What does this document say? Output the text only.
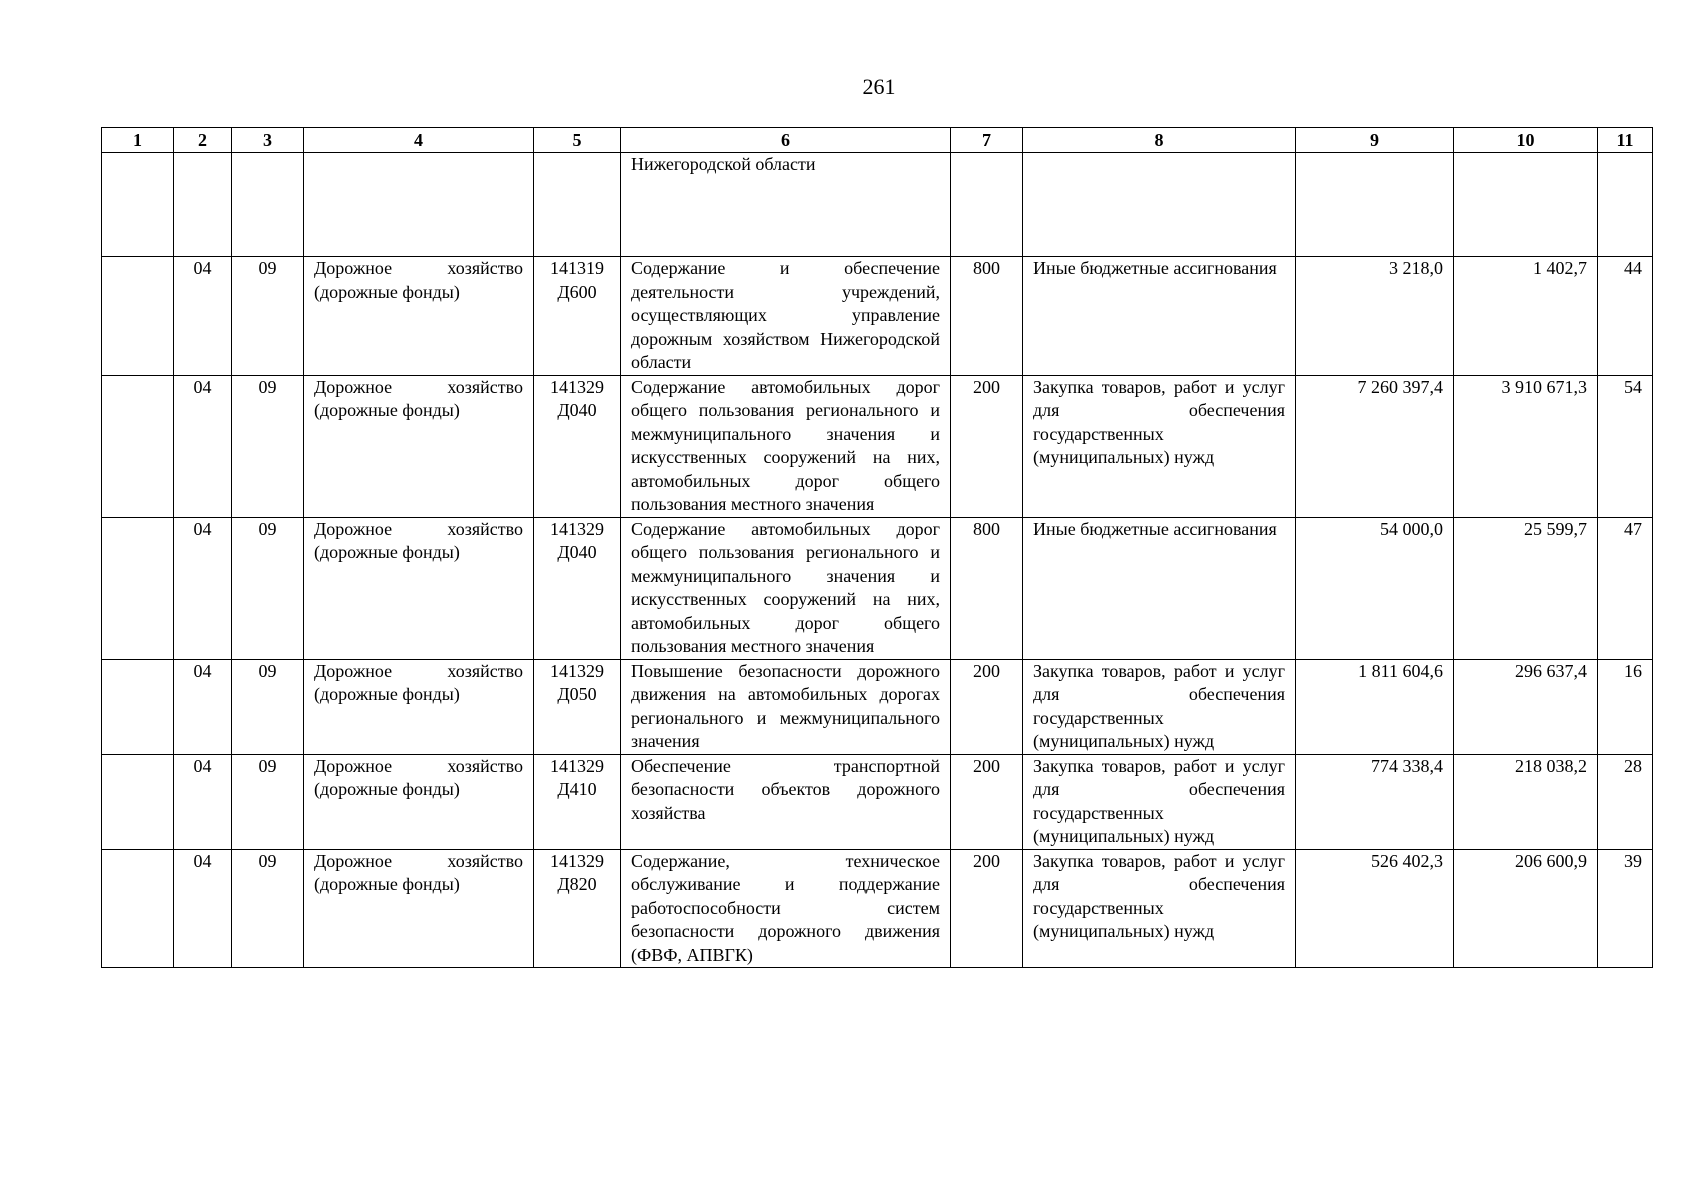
261
1	2	3	4	5	6	7	8	9	10	11
					Нижегородской области					
	04	09	Дорожное хозяйство (дорожные фонды)	141319 Д600	Содержание и обеспечение деятельности учреждений, осуществляющих управление дорожным хозяйством Нижегородской области	800	Иные бюджетные ассигнования	3 218,0	1 402,7	44
	04	09	Дорожное хозяйство (дорожные фонды)	141329 Д040	Содержание автомобильных дорог общего пользования регионального и межмуниципального значения и искусственных сооружений на них, автомобильных дорог общего пользования местного значения	200	Закупка товаров, работ и услуг для обеспечения государственных (муниципальных) нужд	7 260 397,4	3 910 671,3	54
	04	09	Дорожное хозяйство (дорожные фонды)	141329 Д040	Содержание автомобильных дорог общего пользования регионального и межмуниципального значения и искусственных сооружений на них, автомобильных дорог общего пользования местного значения	800	Иные бюджетные ассигнования	54 000,0	25 599,7	47
	04	09	Дорожное хозяйство (дорожные фонды)	141329 Д050	Повышение безопасности дорожного движения на автомобильных дорогах регионального и межмуниципального значения	200	Закупка товаров, работ и услуг для обеспечения государственных (муниципальных) нужд	1 811 604,6	296 637,4	16
	04	09	Дорожное хозяйство (дорожные фонды)	141329 Д410	Обеспечение транспортной безопасности объектов дорожного хозяйства	200	Закупка товаров, работ и услуг для обеспечения государственных (муниципальных) нужд	774 338,4	218 038,2	28
	04	09	Дорожное хозяйство (дорожные фонды)	141329 Д820	Содержание, техническое обслуживание и поддержание работоспособности систем безопасности дорожного движения (ФВФ, АПВГК)	200	Закупка товаров, работ и услуг для обеспечения государственных (муниципальных) нужд	526 402,3	206 600,9	39
